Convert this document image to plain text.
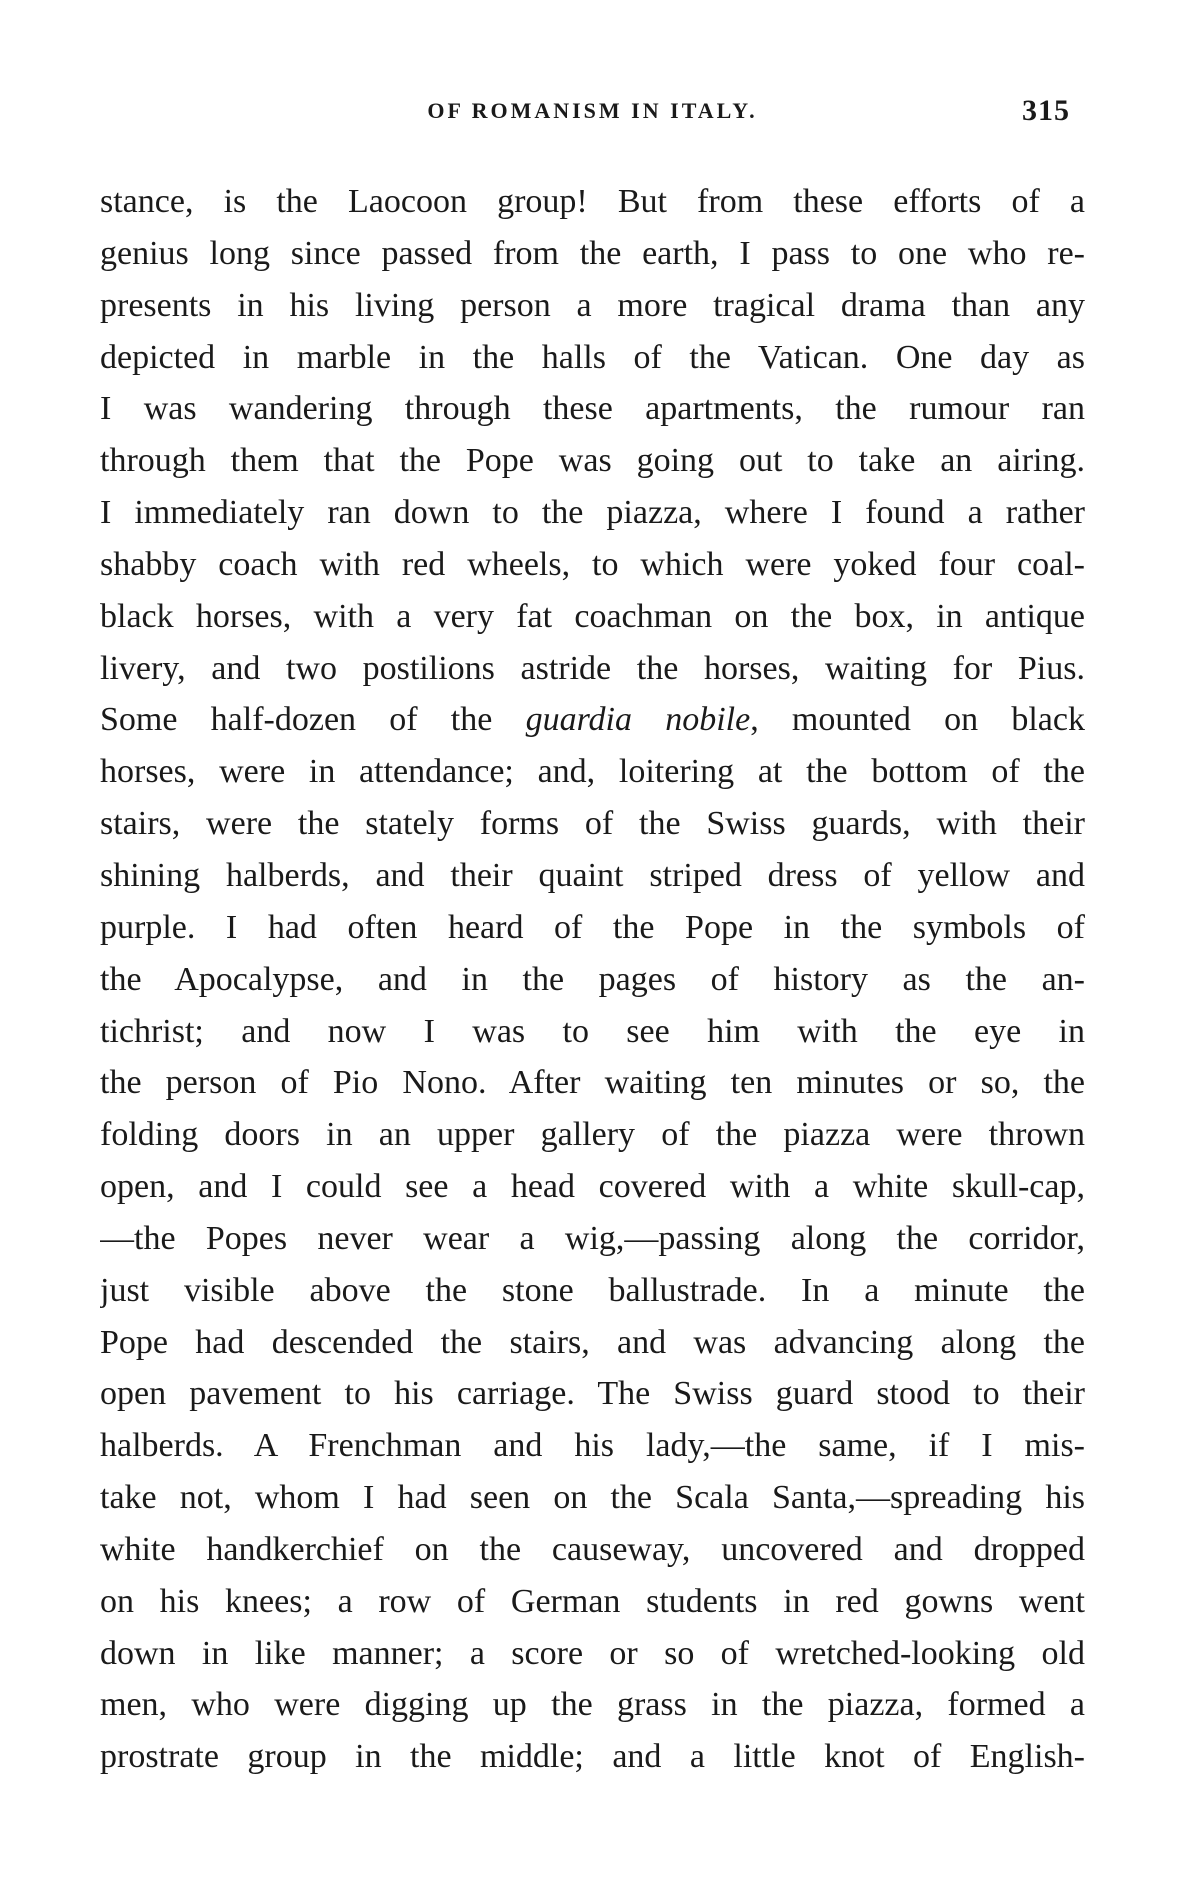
OF ROMANISM IN ITALY.	315
stance, is the Laocoon group! But from these efforts of a
genius long since passed from the earth, I pass to one who re-
presents in his living person a more tragical drama than any
depicted in marble in the halls of the Vatican. One day as
I was wandering through these apartments, the rumour ran
through them that the Pope was going out to take an airing.
I immediately ran down to the piazza, where I found a rather
shabby coach with red wheels, to which were yoked four coal-
black horses, with a very fat coachman on the box, in antique
livery, and two postilions astride the horses, waiting for Pius.
Some half-dozen of the guardia nobile, mounted on black
horses, were in attendance; and, loitering at the bottom of the
stairs, were the stately forms of the Swiss guards, with their
shining halberds, and their quaint striped dress of yellow and
purple. I had often heard of the Pope in the symbols of
the Apocalypse, and in the pages of history as the an-
tichrist; and now I was to see him with the eye in
the person of Pio Nono. After waiting ten minutes or so, the
folding doors in an upper gallery of the piazza were thrown
open, and I could see a head covered with a white skull-cap,
—the Popes never wear a wig,—passing along the corridor,
just visible above the stone ballustrade. In a minute the
Pope had descended the stairs, and was advancing along the
open pavement to his carriage. The Swiss guard stood to their
halberds. A Frenchman and his lady,—the same, if I mis-
take not, whom I had seen on the Scala Santa,—spreading his
white handkerchief on the causeway, uncovered and dropped
on his knees; a row of German students in red gowns went
down in like manner; a score or so of wretched-looking old
men, who were digging up the grass in the piazza, formed a
prostrate group in the middle; and a little knot of English-
